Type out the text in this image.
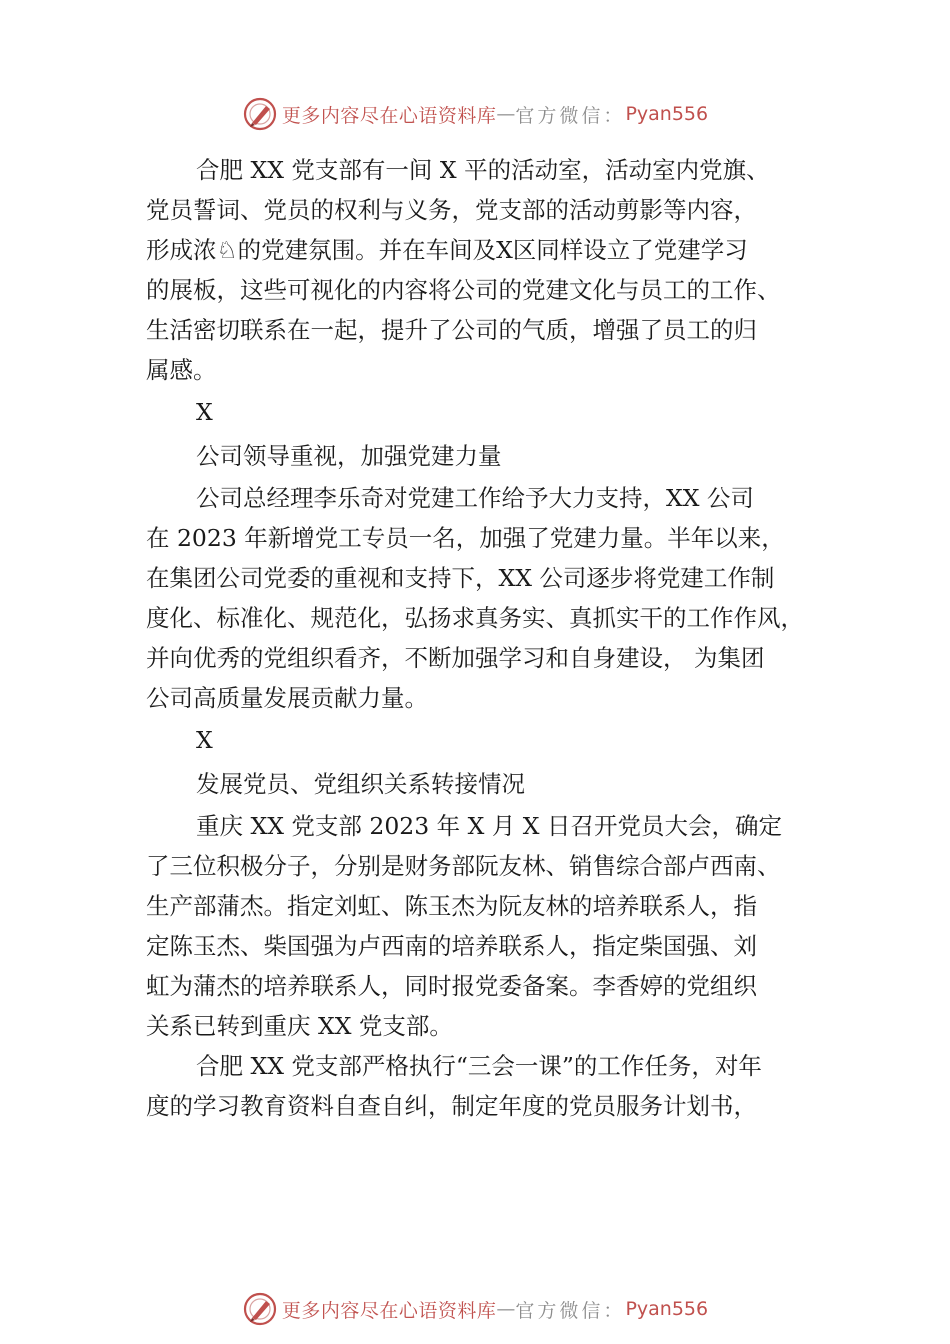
更多内容尽在心语资料库 — 官方微信： Pyan556
合肥 XX 党支部有一间 X 平的活动室，活动室内党旗、
党员誓词、党员的权利与义务，党支部的活动剪影等内容，
形成浓♘的党建氛围。并在车间及Ⅹ区同样设立了党建学习
的展板，这些可视化的内容将公司的党建文化与员工的工作、
生活密切联系在一起，提升了公司的气质，增强了员工的归
属感。
X
公司领导重视，加强党建力量
公司总经理李乐奇对党建工作给予大力支持，XX 公司
在 2023 年新增党工专员一名，加强了党建力量。半年以来，
在集团公司党委的重视和支持下，XX 公司逐步将党建工作制
度化、标准化、规范化，弘扬求真务实、真抓实干的工作作风，
并向优秀的党组织看齐，不断加强学习和自身建设， 为集团
公司高质量发展贡献力量。
X
发展党员、党组织关系转接情况
重庆 XX 党支部 2023 年 X 月 X 日召开党员大会，确定
了三位积极分子，分别是财务部阮友林、销售综合部卢西南、
生产部蒲杰。指定刘虹、陈玉杰为阮友林的培养联系人，指
定陈玉杰、柴国强为卢西南的培养联系人，指定柴国强、刘
虹为蒲杰的培养联系人，同时报党委备案。李香婷的党组织
关系已转到重庆 XX 党支部。
合肥 XX 党支部严格执行“三会一课”的工作任务，对年
度的学习教育资料自查自纠，制定年度的党员服务计划书，
更多内容尽在心语资料库 — 官方微信： Pyan556
